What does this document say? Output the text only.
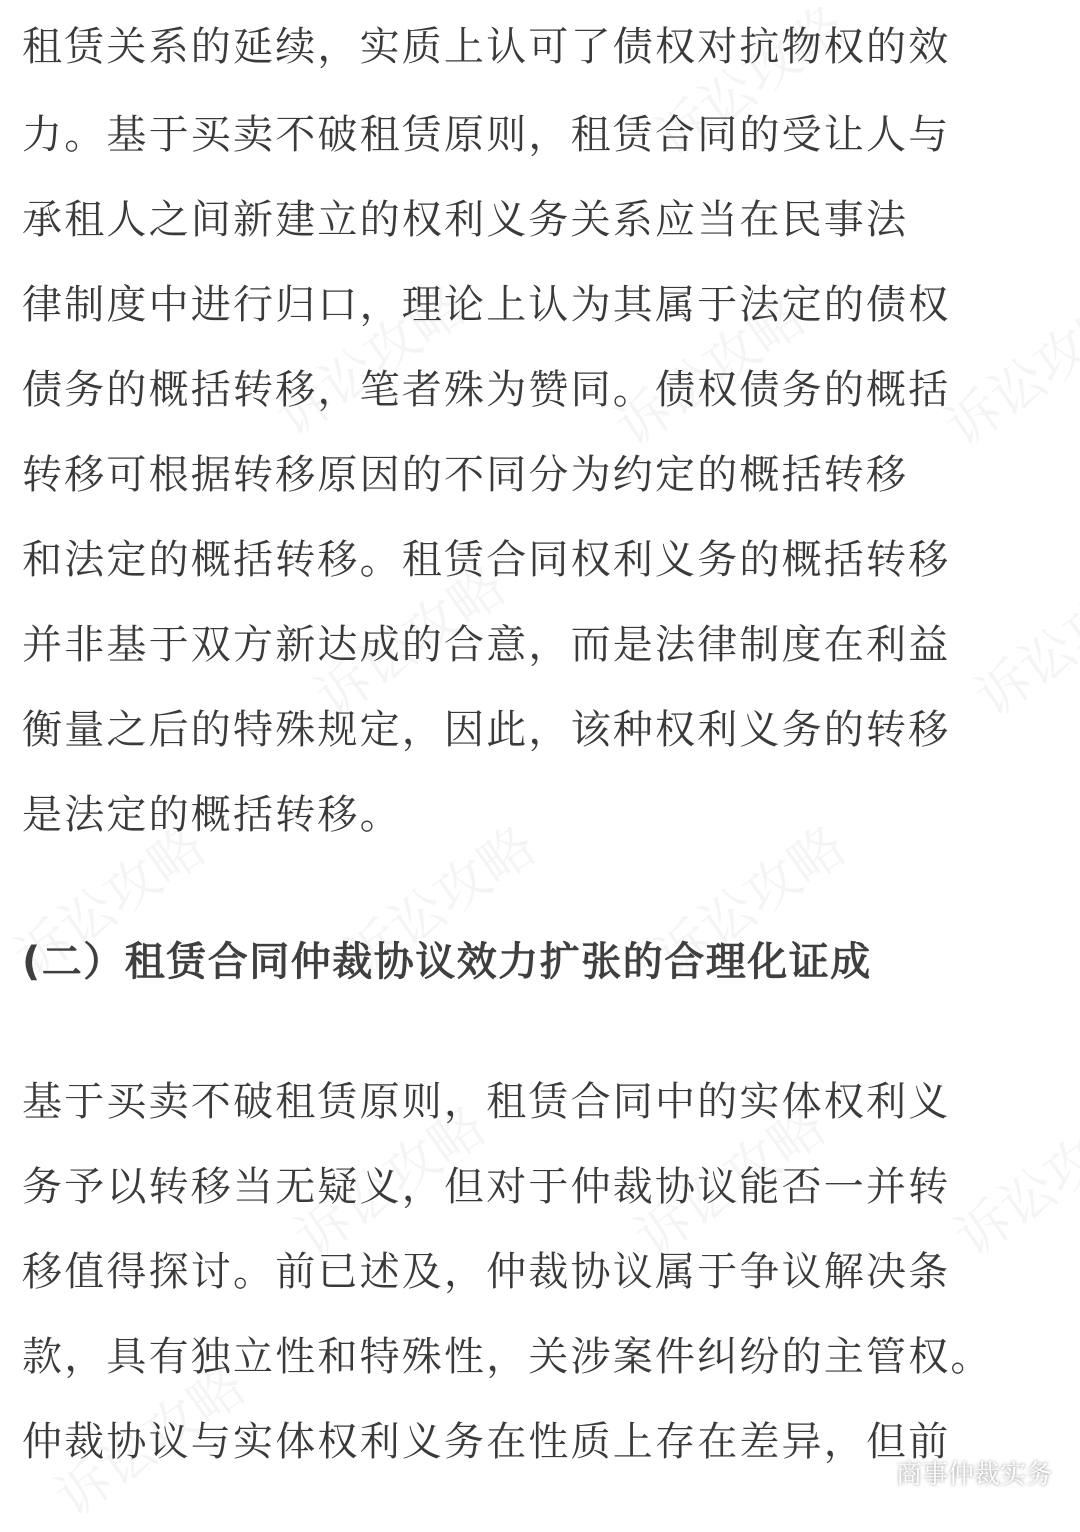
租赁关系的延续，实质上认可了债权对抗物权的效
力。基于买卖不破租赁原则，租赁合同的受让人与
承租人之间新建立的权利义务关系应当在民事法
律制度中进行归口，理论上认为其属于法定的债权
债务的概括转移，笔者殊为赞同。债权债务的概括
转移可根据转移原因的不同分为约定的概括转移
和法定的概括转移。租赁合同权利义务的概括转移
并非基于双方新达成的合意，而是法律制度在利益
衡量之后的特殊规定，因此，该种权利义务的转移
是法定的概括转移。
(二）租赁合同仲裁协议效力扩张的合理化证成
基于买卖不破租赁原则，租赁合同中的实体权利义
务予以转移当无疑义，但对于仲裁协议能否一并转
移值得探讨。前已述及，仲裁协议属于争议解决条
款，具有独立性和特殊性，关涉案件纠纷的主管权。
仲裁协议与实体权利义务在性质上存在差异，但前
商事仲裁实务
